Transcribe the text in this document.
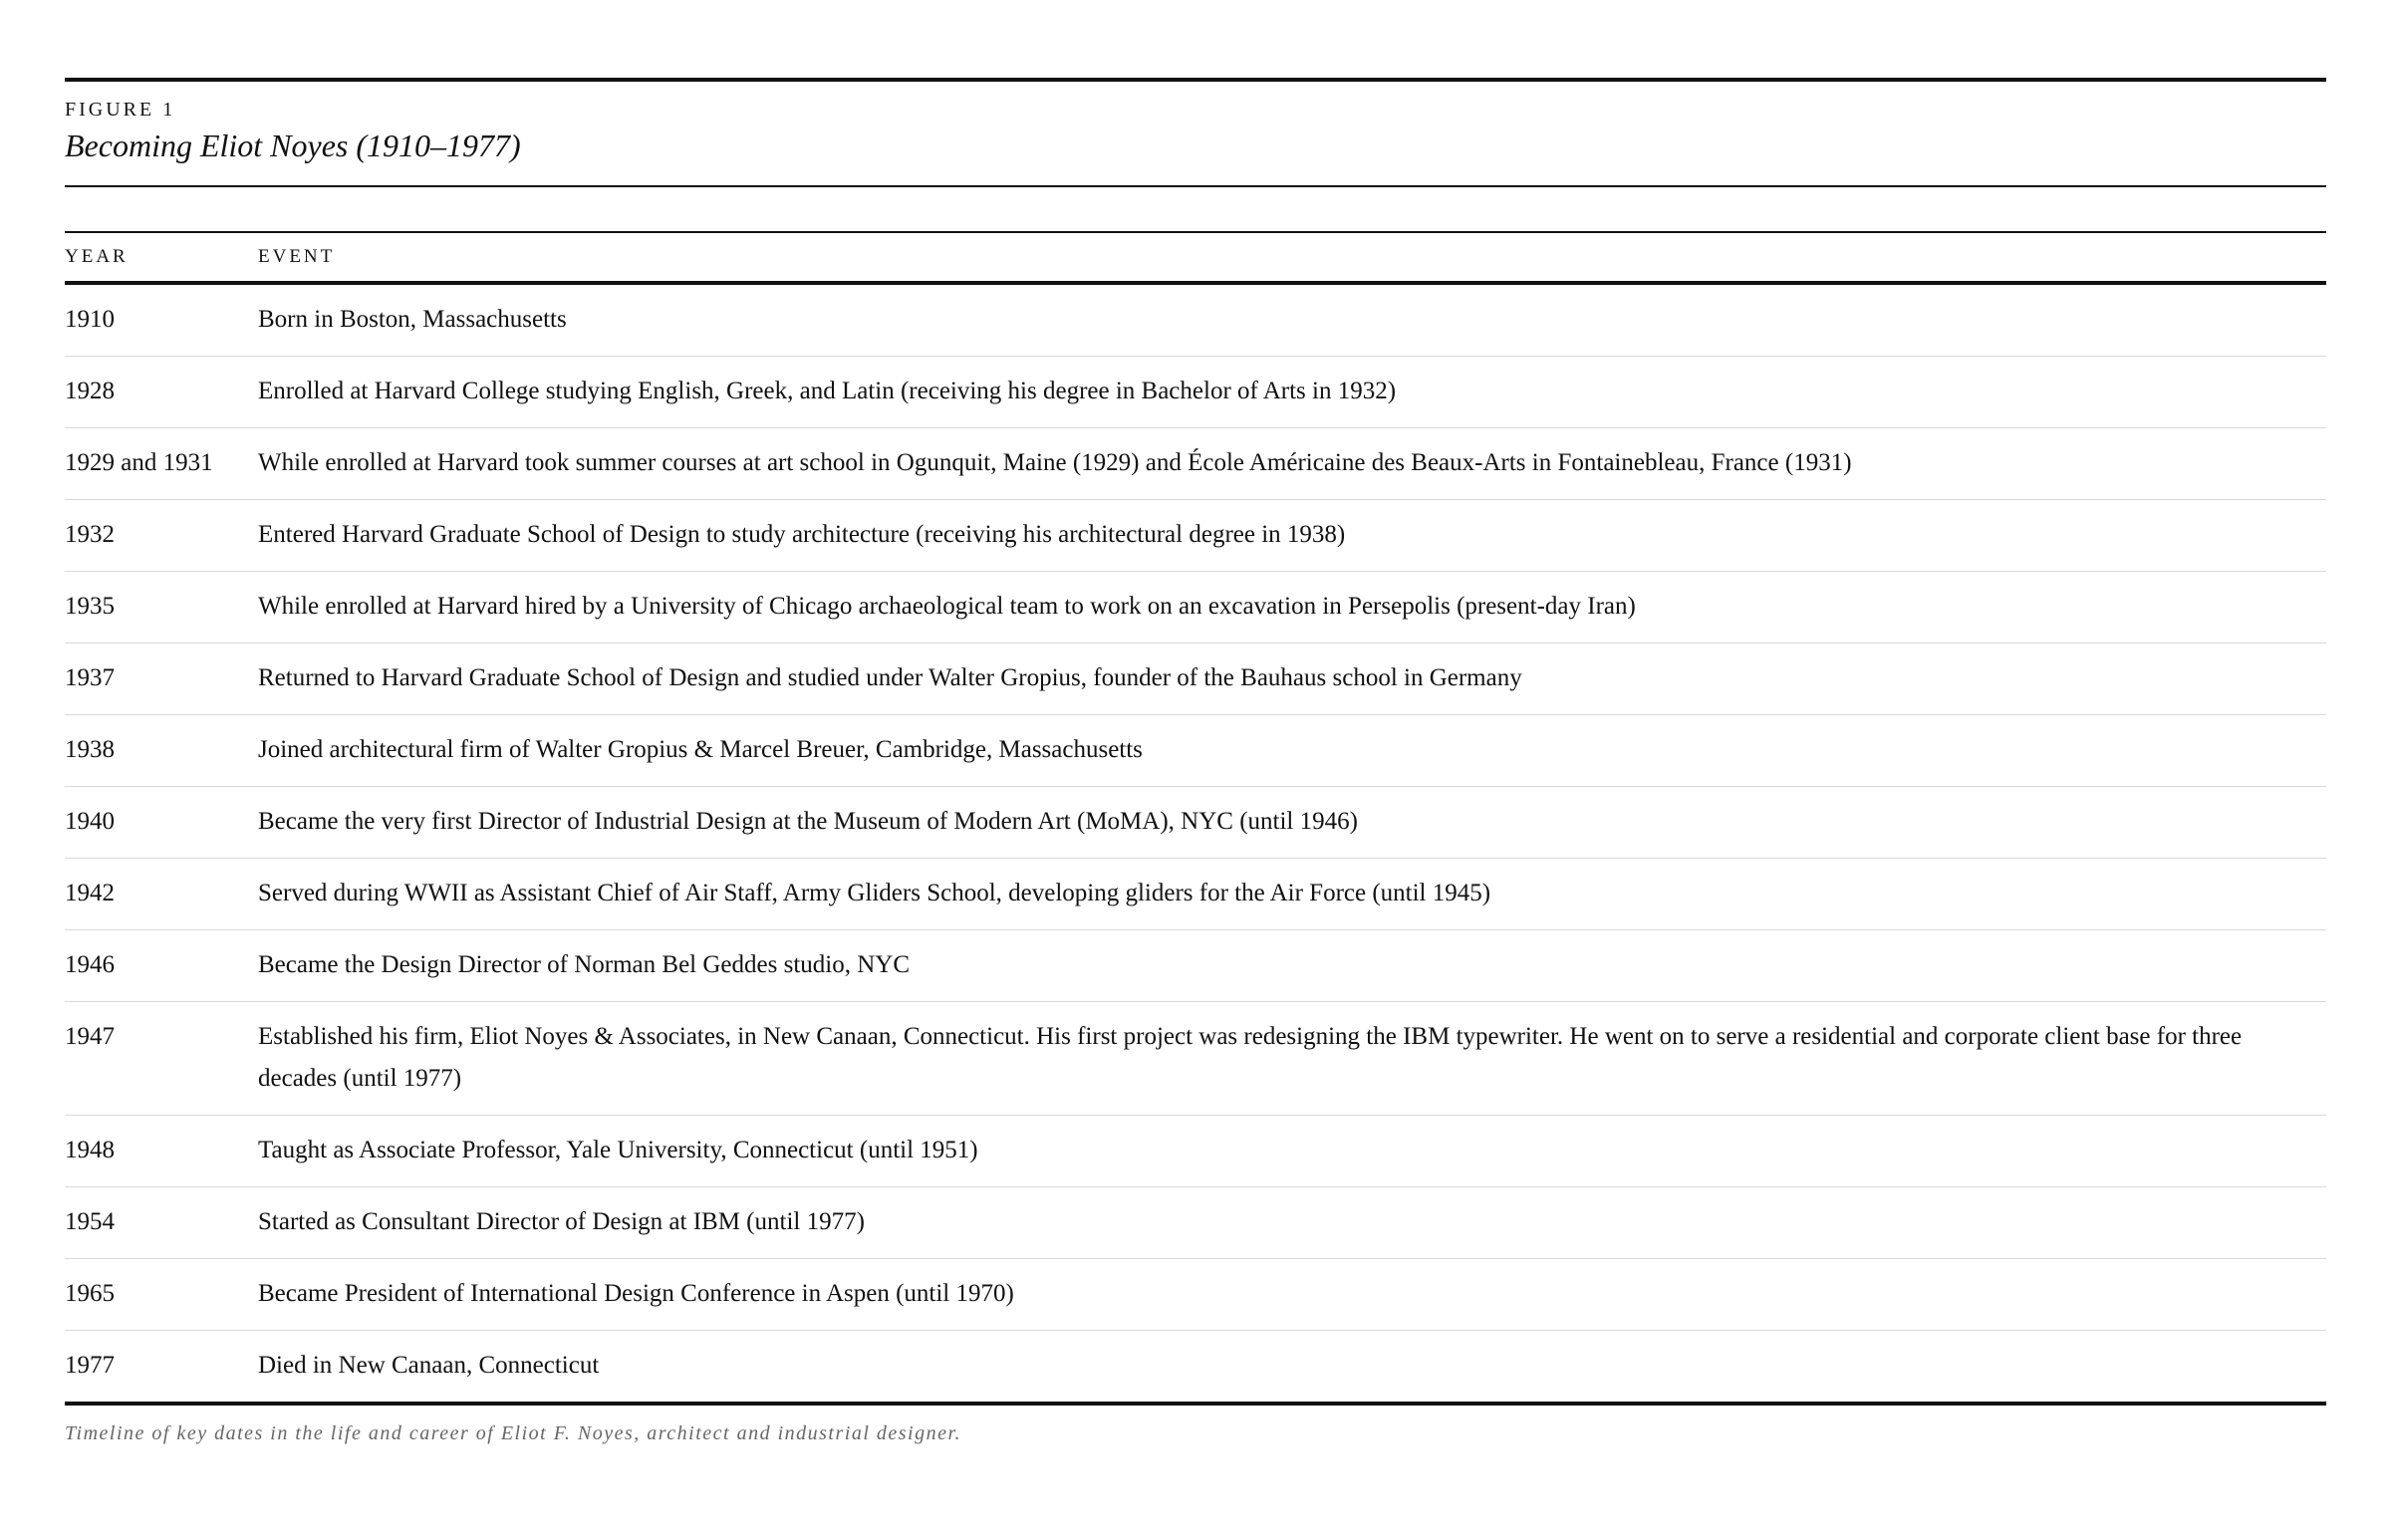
FIGURE 1
Becoming Eliot Noyes (1910–1977)
YEAR	EVENT
1910	Born in Boston, Massachusetts
1928	Enrolled at Harvard College studying English, Greek, and Latin (receiving his degree in Bachelor of Arts in 1932)
1929 and 1931	While enrolled at Harvard took summer courses at art school in Ogunquit, Maine (1929) and École Américaine des Beaux-Arts in Fontainebleau, France (1931)
1932	Entered Harvard Graduate School of Design to study architecture (receiving his architectural degree in 1938)
1935	While enrolled at Harvard hired by a University of Chicago archaeological team to work on an excavation in Persepolis (present-day Iran)
1937	Returned to Harvard Graduate School of Design and studied under Walter Gropius, founder of the Bauhaus school in Germany
1938	Joined architectural firm of Walter Gropius & Marcel Breuer, Cambridge, Massachusetts
1940	Became the very first Director of Industrial Design at the Museum of Modern Art (MoMA), NYC (until 1946)
1942	Served during WWII as Assistant Chief of Air Staff, Army Gliders School, developing gliders for the Air Force (until 1945)
1946	Became the Design Director of Norman Bel Geddes studio, NYC
1947	Established his firm, Eliot Noyes & Associates, in New Canaan, Connecticut. His first project was redesigning the IBM typewriter. He went on to serve a residential and corporate client base for three decades (until 1977)
1948	Taught as Associate Professor, Yale University, Connecticut (until 1951)
1954	Started as Consultant Director of Design at IBM (until 1977)
1965	Became President of International Design Conference in Aspen (until 1970)
1977	Died in New Canaan, Connecticut
Timeline of key dates in the life and career of Eliot F. Noyes, architect and industrial designer.
